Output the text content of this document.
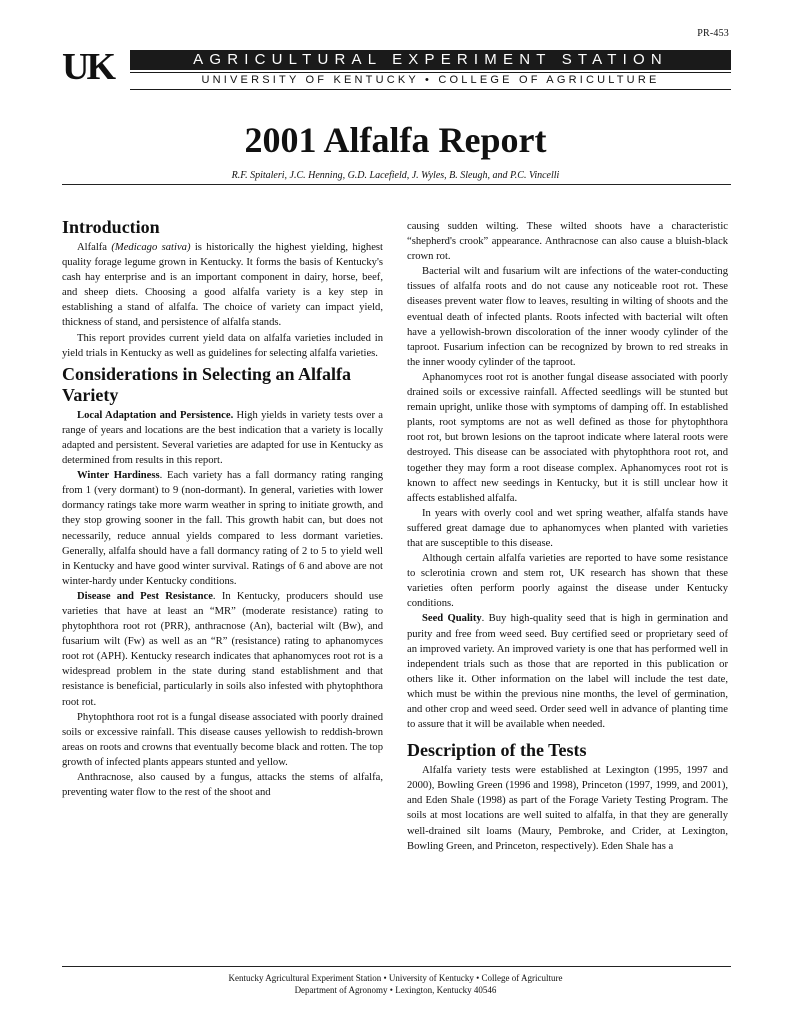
PR-453
UK	AGRICULTURAL EXPERIMENT STATION
UNIVERSITY OF KENTUCKY • COLLEGE OF AGRICULTURE
2001 Alfalfa Report
R.F. Spitaleri, J.C. Henning, G.D. Lacefield, J. Wyles, B. Sleugh, and P.C. Vincelli
Introduction

Alfalfa (Medicago sativa) is historically the highest yielding, highest quality forage legume grown in Kentucky. It forms the basis of Kentucky's cash hay enterprise and is an important component in dairy, horse, beef, and sheep diets. Choosing a good alfalfa variety is a key step in establishing a stand of alfalfa. The choice of variety can impact yield, thickness of stand, and persistence of alfalfa stands.

This report provides current yield data on alfalfa varieties included in yield trials in Kentucky as well as guidelines for selecting alfalfa varieties.

Considerations in Selecting an Alfalfa Variety

Local Adaptation and Persistence. High yields in variety tests over a range of years and locations are the best indication that a variety is locally adapted and persistent. Several varieties are adapted for use in Kentucky as determined from results in this report.

Winter Hardiness. Each variety has a fall dormancy rating ranging from 1 (very dormant) to 9 (non-dormant). In general, varieties with lower dormancy ratings take more warm weather in spring to initiate growth, and they stop growing sooner in the fall. This growth habit can, but does not necessarily, reduce annual yields compared to less dormant varieties. Generally, alfalfa should have a fall dormancy rating of 2 to 5 to yield well in Kentucky and have good winter survival. Ratings of 6 and above are not winter-hardy under Kentucky conditions.

Disease and Pest Resistance. In Kentucky, producers should use varieties that have at least an “MR” (moderate resistance) rating to phytophthora root rot (PRR), anthracnose (An), bacterial wilt (Bw), and fusarium wilt (Fw) as well as an “R” (resistance) rating to aphanomyces root rot (APH). Kentucky research indicates that aphanomyces root rot is a widespread problem in the state during stand establishment and that resistance is beneficial, particularly in soils also infested with phytophthora root rot.

Phytophthora root rot is a fungal disease associated with poorly drained soils or excessive rainfall. This disease causes yellowish to reddish-brown areas on roots and crowns that eventually become black and rotten. The top growth of infected plants appears stunted and yellow.

Anthracnose, also caused by a fungus, attacks the stems of alfalfa, preventing water flow to the rest of the shoot and

causing sudden wilting. These wilted shoots have a characteristic “shepherd's crook” appearance. Anthracnose can also cause a bluish-black crown rot.

Bacterial wilt and fusarium wilt are infections of the water-conducting tissues of alfalfa roots and do not cause any noticeable root rot. These diseases prevent water flow to leaves, resulting in wilting of shoots and the eventual death of infected plants. Roots infected with bacterial wilt often have a yellowish-brown discoloration of the inner woody cylinder of the taproot. Fusarium infection can be recognized by brown to red streaks in the inner woody cylinder of the taproot.

Aphanomyces root rot is another fungal disease associated with poorly drained soils or excessive rainfall. Affected seedlings will be stunted but remain upright, unlike those with symptoms of damping off. In established plants, root symptoms are not as well defined as those for phytophthora root rot, but brown lesions on the taproot indicate where lateral roots were destroyed. This disease can be associated with phytophthora root rot, and together they may form a root disease complex. Aphanomyces root rot is known to affect new seedings in Kentucky, but it is still unclear how it affects established alfalfa.

In years with overly cool and wet spring weather, alfalfa stands have suffered great damage due to aphanomyces when planted with varieties that are susceptible to this disease.

Although certain alfalfa varieties are reported to have some resistance to sclerotinia crown and stem rot, UK research has shown that these varieties often perform poorly against the disease under Kentucky conditions.

Seed Quality. Buy high-quality seed that is high in germination and purity and free from weed seed. Buy certified seed or proprietary seed of an improved variety. An improved variety is one that has performed well in independent trials such as those that are reported in this publication or others like it. Other information on the label will include the test date, which must be within the previous nine months, the level of germination, and other crop and weed seed. Order seed well in advance of planting time to assure that it will be available when needed.

Description of the Tests

Alfalfa variety tests were established at Lexington (1995, 1997 and 2000), Bowling Green (1996 and 1998), Princeton (1997, 1999, and 2001), and Eden Shale (1998) as part of the Forage Variety Testing Program. The soils at most locations are well suited to alfalfa, in that they are generally well-drained silt loams (Maury, Pembroke, and Crider, at Lexington, Bowling Green, and Princeton, respectively). Eden Shale has a

Kentucky Agricultural Experiment Station • University of Kentucky • College of Agriculture
Department of Agronomy • Lexington, Kentucky 40546
